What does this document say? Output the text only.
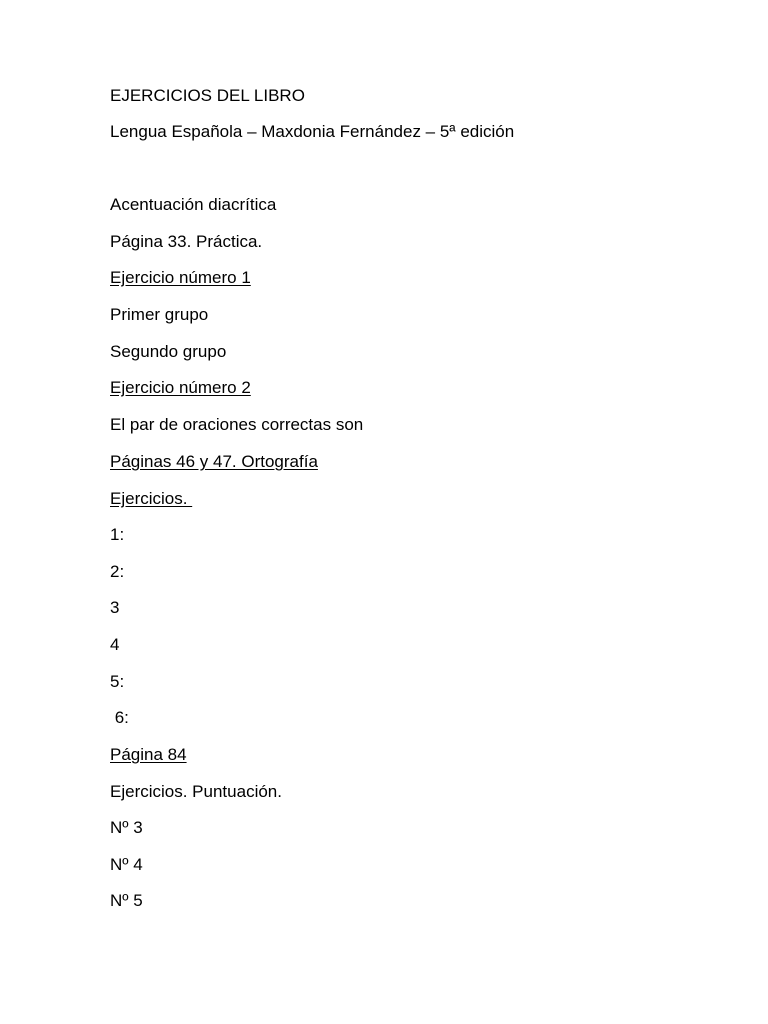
EJERCICIOS DEL LIBRO
Lengua Española – Maxdonia Fernández – 5ª edición
Acentuación diacrítica
Página 33. Práctica.
Ejercicio número 1
Primer grupo
Segundo grupo
Ejercicio número 2
El par de oraciones correctas son
Páginas 46 y 47. Ortografía
Ejercicios.
1:
2:
3
4
5:
6:
Página 84
Ejercicios. Puntuación.
Nº 3
Nº 4
Nº 5
